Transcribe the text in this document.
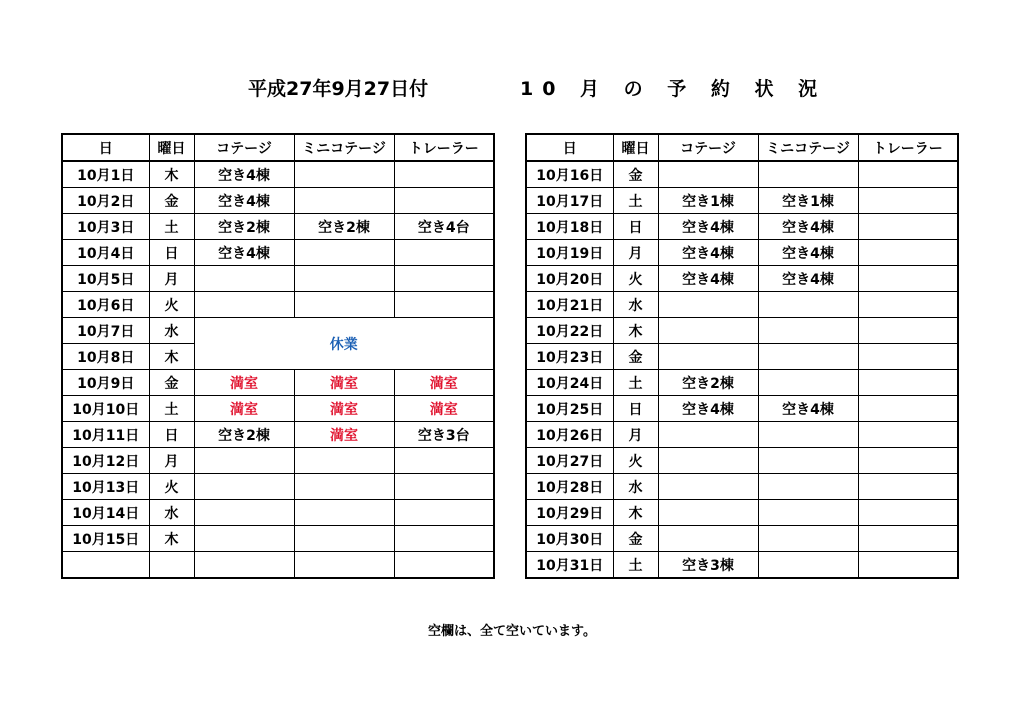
平成27年9月27日付	10 月 の 予 約 状 況
日	曜日	コテージ	ミニコテージ	トレーラー
10月1日	木	空き4棟		
10月2日	金	空き4棟		
10月3日	土	空き2棟	空き2棟	空き4台
10月4日	日	空き4棟		
10月5日	月			
10月6日	火			
10月7日	水	休業		
10月8日	木			
10月9日	金	満室	満室	満室
10月10日	土	満室	満室	満室
10月11日	日	空き2棟	満室	空き3台
10月12日	月			
10月13日	火			
10月14日	水			
10月15日	木			

日	曜日	コテージ	ミニコテージ	トレーラー
10月16日	金			
10月17日	土	空き1棟	空き1棟	
10月18日	日	空き4棟	空き4棟	
10月19日	月	空き4棟	空き4棟	
10月20日	火	空き4棟	空き4棟	
10月21日	水			
10月22日	木			
10月23日	金			
10月24日	土	空き2棟		
10月25日	日	空き4棟	空き4棟	
10月26日	月			
10月27日	火			
10月28日	水			
10月29日	木			
10月30日	金			
10月31日	土	空き3棟		
空欄は、全て空いています。
